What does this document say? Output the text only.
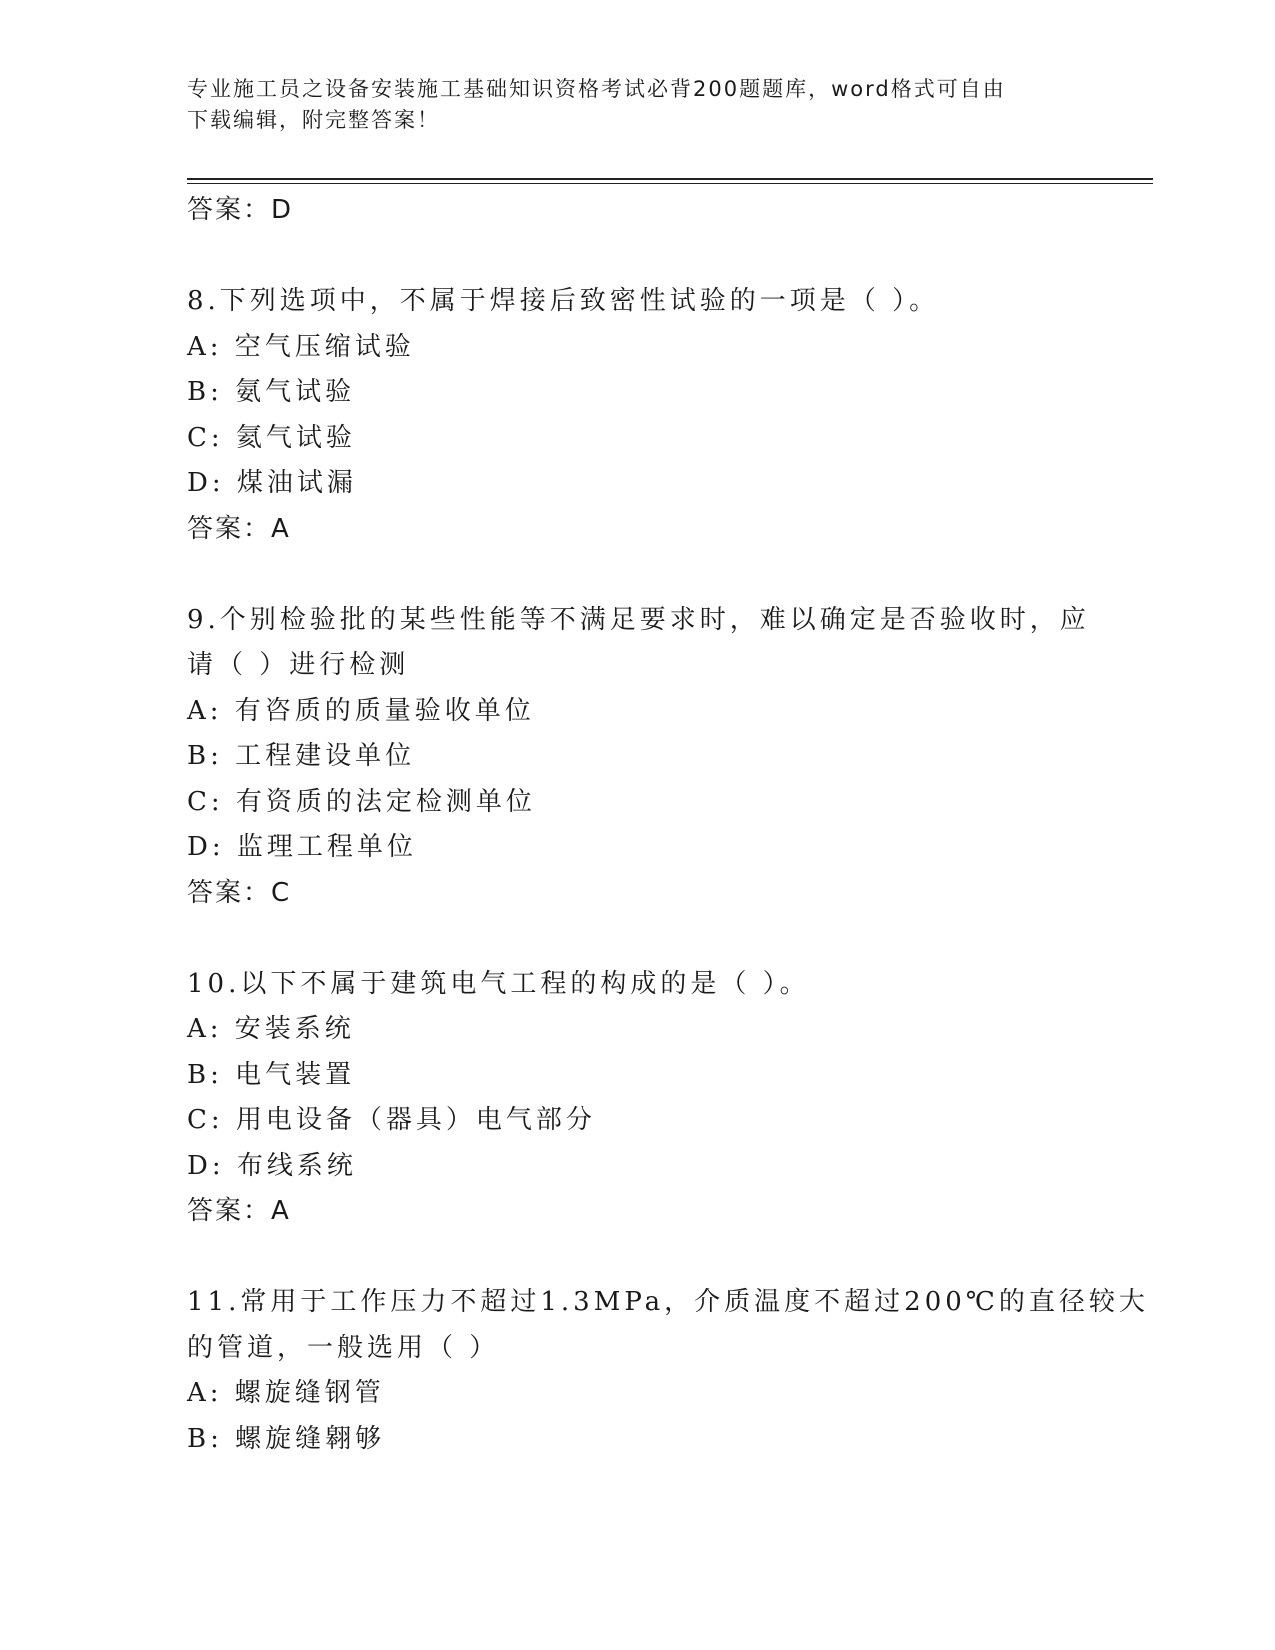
专业施工员之设备安装施工基础知识资格考试必背200题题库，word格式可自由
下载编辑，附完整答案！
答案：D
8.下列选项中，不属于焊接后致密性试验的一项是（ ）。
A: 空气压缩试验
B: 氨气试验
C: 氦气试验
D: 煤油试漏
答案：A
9.个别检验批的某些性能等不满足要求时，难以确定是否验收时，应
请（ ）进行检测
A: 有咨质的质量验收单位
B: 工程建设单位
C: 有资质的法定检测单位
D: 监理工程单位
答案：C
10.以下不属于建筑电气工程的构成的是（ ）。
A: 安装系统
B: 电气装置
C: 用电设备（器具）电气部分
D: 布线系统
答案：A
11.常用于工作压力不超过1.3MPa，介质温度不超过200℃的直径较大
的管道，一般选用（ ）
A: 螺旋缝钢管
B: 螺旋缝翱够
